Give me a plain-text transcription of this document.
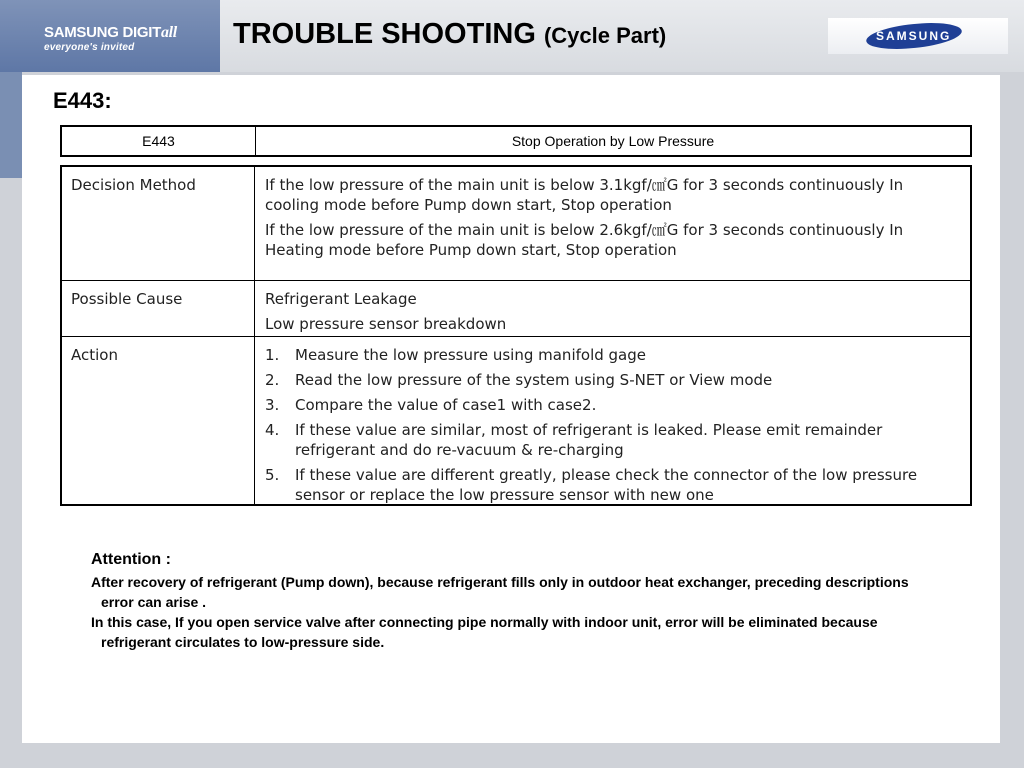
SAMSUNG DIGITall
everyone's invited	TROUBLE SHOOTING (Cycle Part)	SAMSUNG
E443:
E443	Stop Operation by Low Pressure
Decision Method	If the low pressure of the main unit is below 3.1kgf/㎠G for 3 seconds continuously In cooling mode before Pump down start, Stop operation

If the low pressure of the main unit is below 2.6kgf/㎠G for 3 seconds continuously In Heating mode before Pump down start, Stop operation

Possible Cause	Refrigerant Leakage

Low pressure sensor breakdown

Action	1.	Measure the low pressure using manifold gage
2.	Read the low pressure of the system using S-NET or View mode
3.	Compare the value of case1 with case2.
4.	If these value are similar, most of refrigerant is leaked. Please emit remainder refrigerant and do re-vacuum & re-charging
5.	If these value are different greatly, please check the connector of the low pressure sensor or replace the low pressure sensor with new one
Attention :

After recovery of refrigerant (Pump down), because refrigerant fills only in outdoor heat exchanger, preceding descriptions error can arise .

In this case, If you open service valve after connecting pipe normally with indoor unit, error will be eliminated because refrigerant circulates to low-pressure side.
